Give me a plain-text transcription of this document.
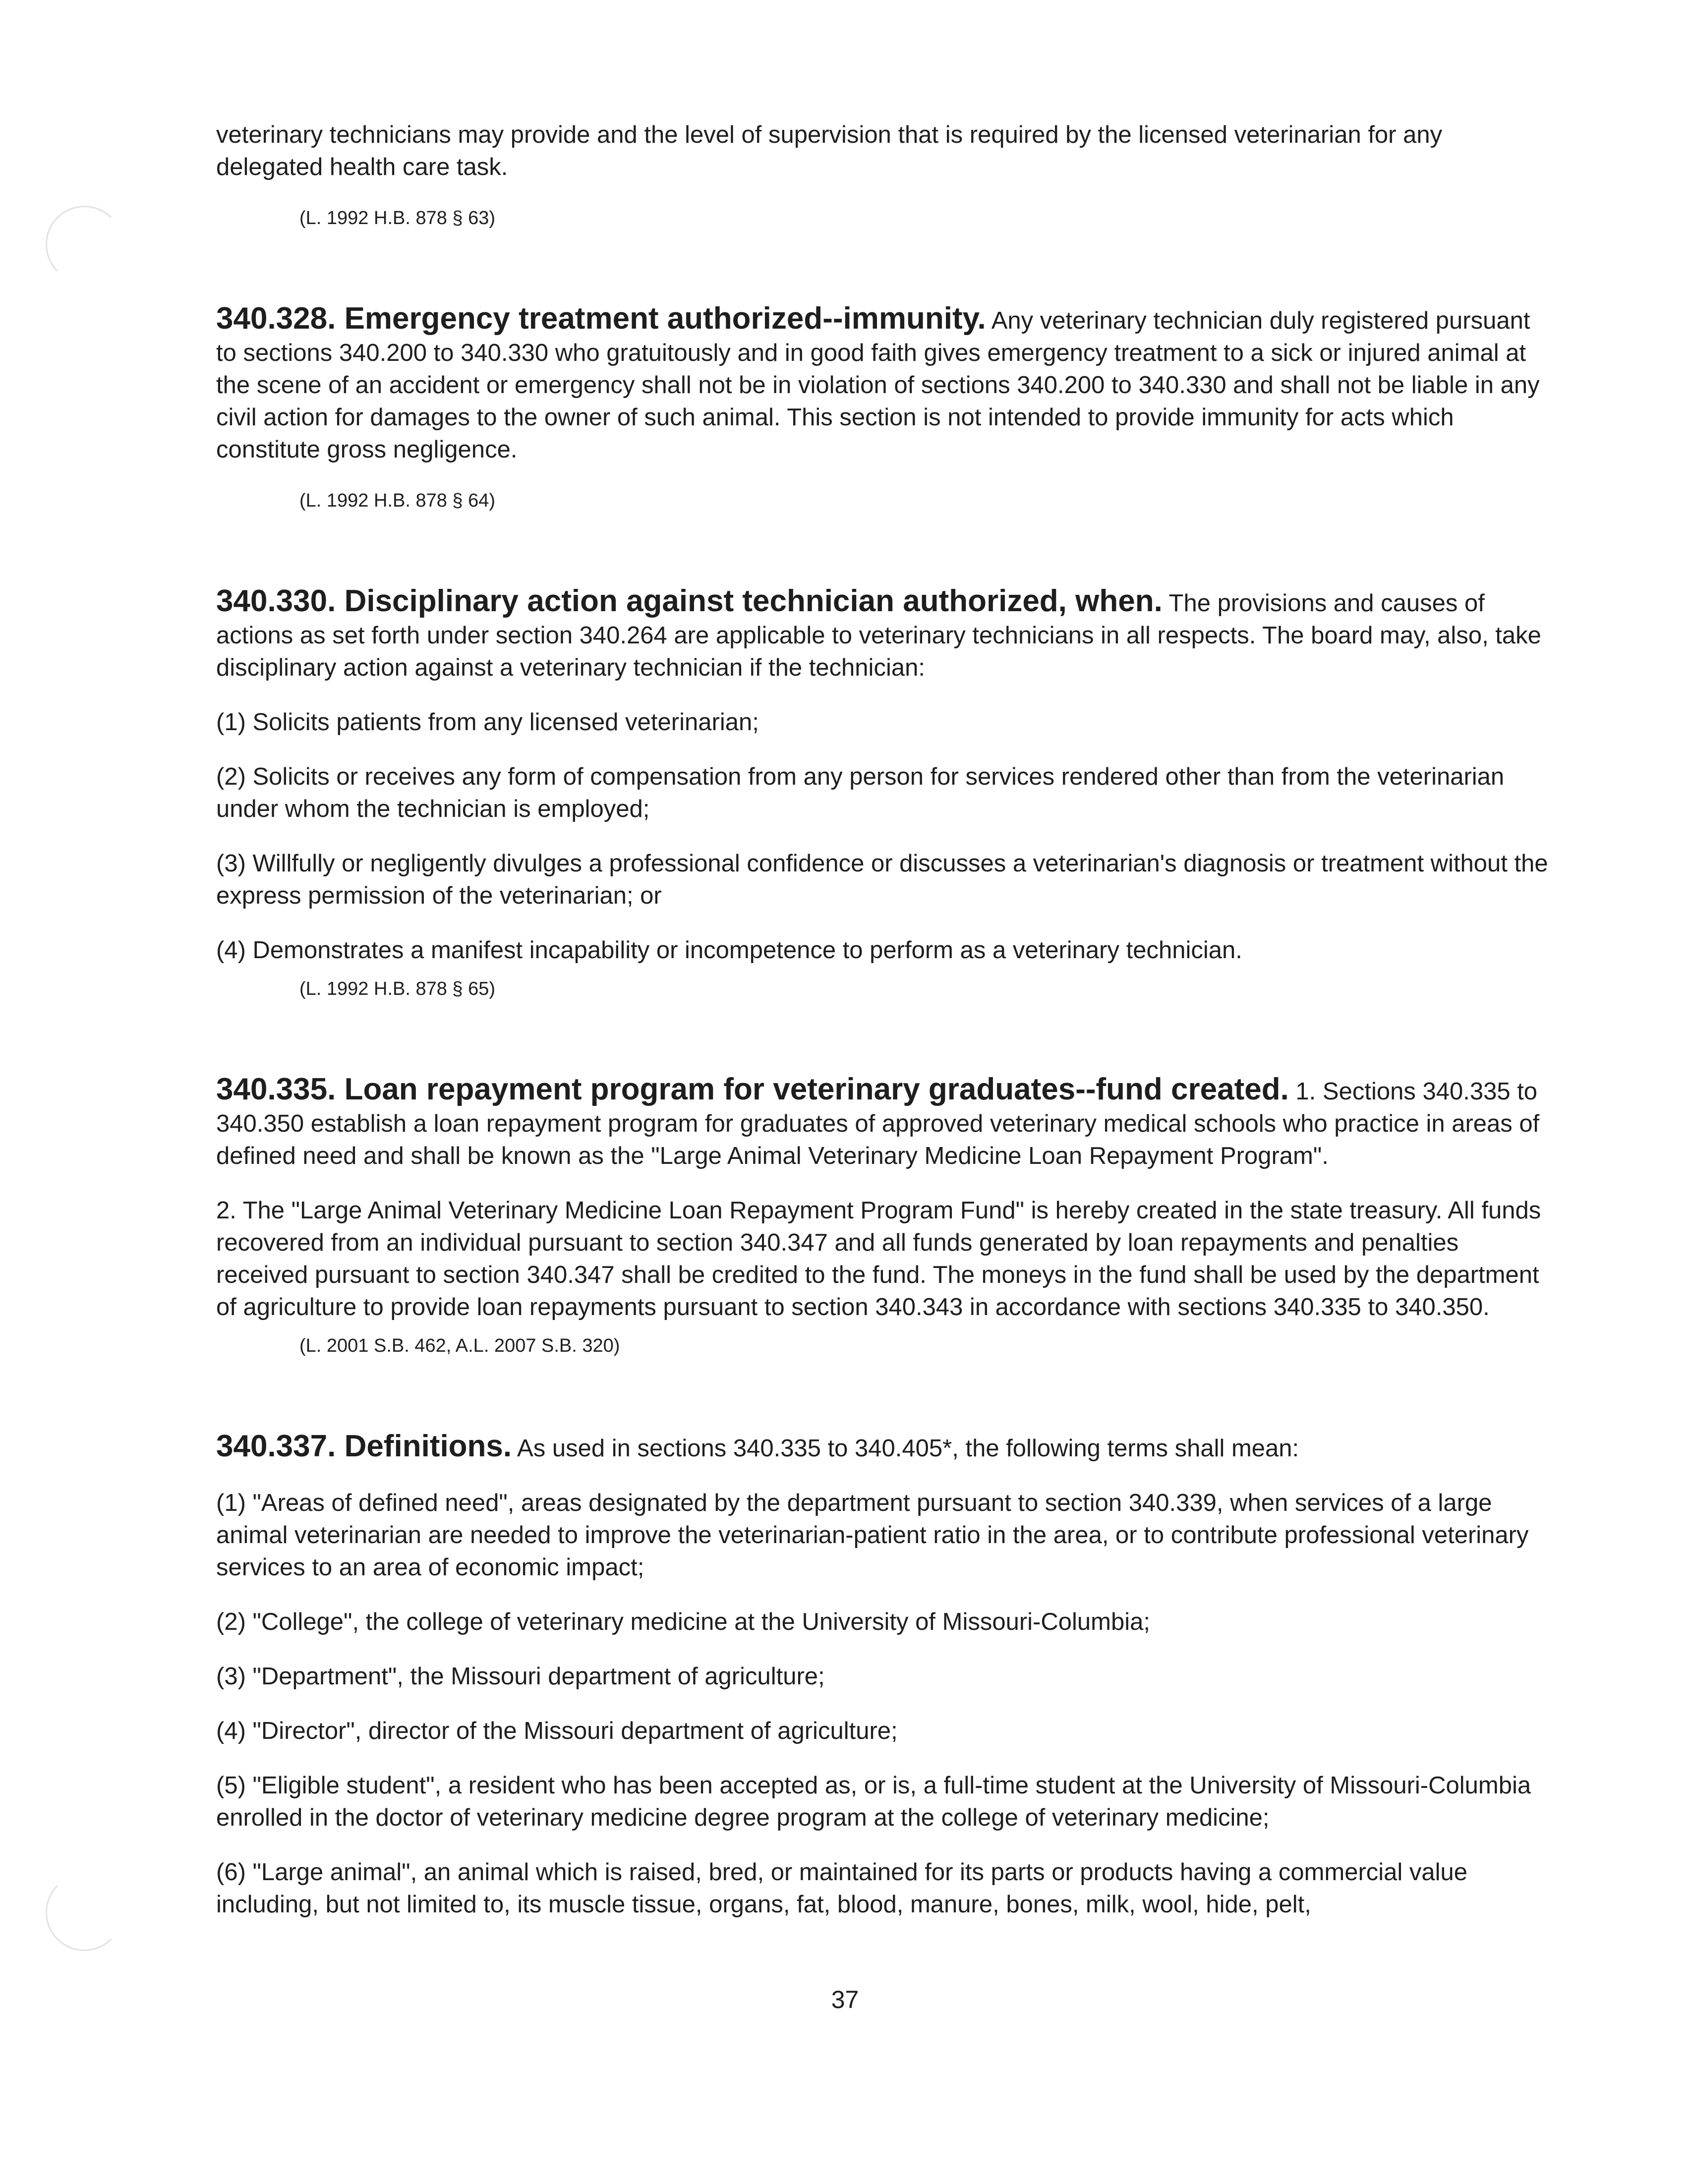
veterinary technicians may provide and the level of supervision that is required by the licensed veterinarian for any delegated health care task.

(L. 1992 H.B. 878 § 63)

340.328. Emergency treatment authorized--immunity. Any veterinary technician duly registered pursuant to sections 340.200 to 340.330 who gratuitously and in good faith gives emergency treatment to a sick or injured animal at the scene of an accident or emergency shall not be in violation of sections 340.200 to 340.330 and shall not be liable in any civil action for damages to the owner of such animal. This section is not intended to provide immunity for acts which constitute gross negligence.

(L. 1992 H.B. 878 § 64)

340.330. Disciplinary action against technician authorized, when. The provisions and causes of actions as set forth under section 340.264 are applicable to veterinary technicians in all respects. The board may, also, take disciplinary action against a veterinary technician if the technician:

(1) Solicits patients from any licensed veterinarian;

(2) Solicits or receives any form of compensation from any person for services rendered other than from the veterinarian under whom the technician is employed;

(3) Willfully or negligently divulges a professional confidence or discusses a veterinarian's diagnosis or treatment without the express permission of the veterinarian; or

(4) Demonstrates a manifest incapability or incompetence to perform as a veterinary technician.

(L. 1992 H.B. 878 § 65)

340.335. Loan repayment program for veterinary graduates--fund created. 1. Sections 340.335 to 340.350 establish a loan repayment program for graduates of approved veterinary medical schools who practice in areas of defined need and shall be known as the "Large Animal Veterinary Medicine Loan Repayment Program".

2. The "Large Animal Veterinary Medicine Loan Repayment Program Fund" is hereby created in the state treasury. All funds recovered from an individual pursuant to section 340.347 and all funds generated by loan repayments and penalties received pursuant to section 340.347 shall be credited to the fund. The moneys in the fund shall be used by the department of agriculture to provide loan repayments pursuant to section 340.343 in accordance with sections 340.335 to 340.350.

(L. 2001 S.B. 462, A.L. 2007 S.B. 320)

340.337. Definitions. As used in sections 340.335 to 340.405*, the following terms shall mean:

(1) "Areas of defined need", areas designated by the department pursuant to section 340.339, when services of a large animal veterinarian are needed to improve the veterinarian-patient ratio in the area, or to contribute professional veterinary services to an area of economic impact;

(2) "College", the college of veterinary medicine at the University of Missouri-Columbia;

(3) "Department", the Missouri department of agriculture;

(4) "Director", director of the Missouri department of agriculture;

(5) "Eligible student", a resident who has been accepted as, or is, a full-time student at the University of Missouri-Columbia enrolled in the doctor of veterinary medicine degree program at the college of veterinary medicine;

(6) "Large animal", an animal which is raised, bred, or maintained for its parts or products having a commercial value including, but not limited to, its muscle tissue, organs, fat, blood, manure, bones, milk, wool, hide, pelt,

37
